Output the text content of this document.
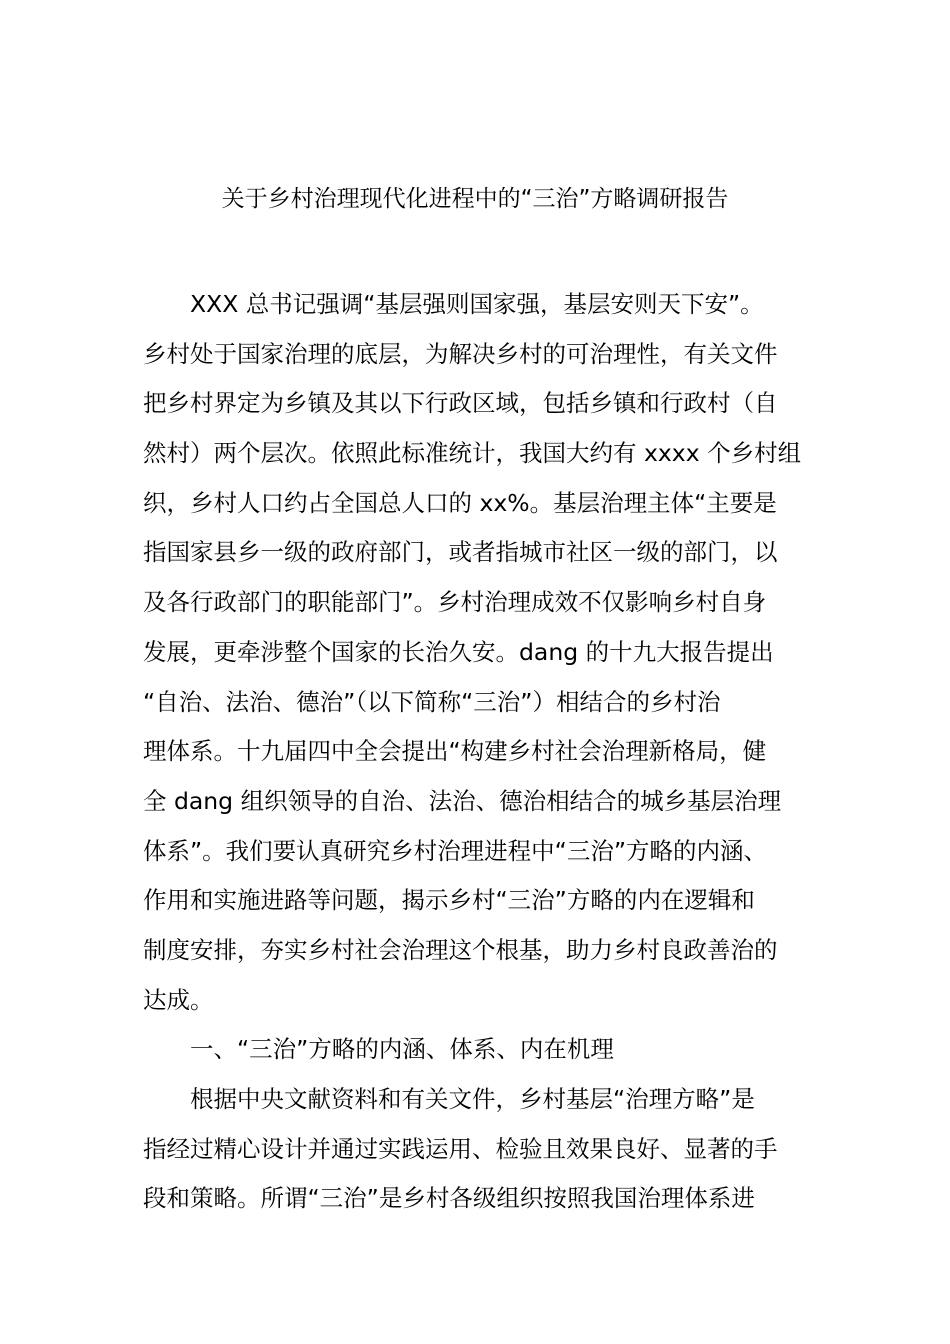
关于乡村治理现代化进程中的“三治”方略调研报告
XXX 总书记强调“基层强则国家强，基层安则天下安”。
乡村处于国家治理的底层，为解决乡村的可治理性，有关文件
把乡村界定为乡镇及其以下行政区域，包括乡镇和行政村（自
然村）两个层次。依照此标准统计，我国大约有 xxxx 个乡村组
织，乡村人口约占全国总人口的 xx%。基层治理主体“主要是
指国家县乡一级的政府部门，或者指城市社区一级的部门，以
及各行政部门的职能部门”。乡村治理成效不仅影响乡村自身
发展，更牵涉整个国家的长治久安。dang 的十九大报告提出
“自治、法治、德治”（以下简称“三治”）相结合的乡村治
理体系。十九届四中全会提出“构建乡村社会治理新格局，健
全 dang 组织领导的自治、法治、德治相结合的城乡基层治理
体系”。我们要认真研究乡村治理进程中“三治”方略的内涵、
作用和实施进路等问题，揭示乡村“三治”方略的内在逻辑和
制度安排，夯实乡村社会治理这个根基，助力乡村良政善治的
达成。
一、“三治”方略的内涵、体系、内在机理
根据中央文献资料和有关文件，乡村基层“治理方略”是
指经过精心设计并通过实践运用、检验且效果良好、显著的手
段和策略。所谓“三治”是乡村各级组织按照我国治理体系进
